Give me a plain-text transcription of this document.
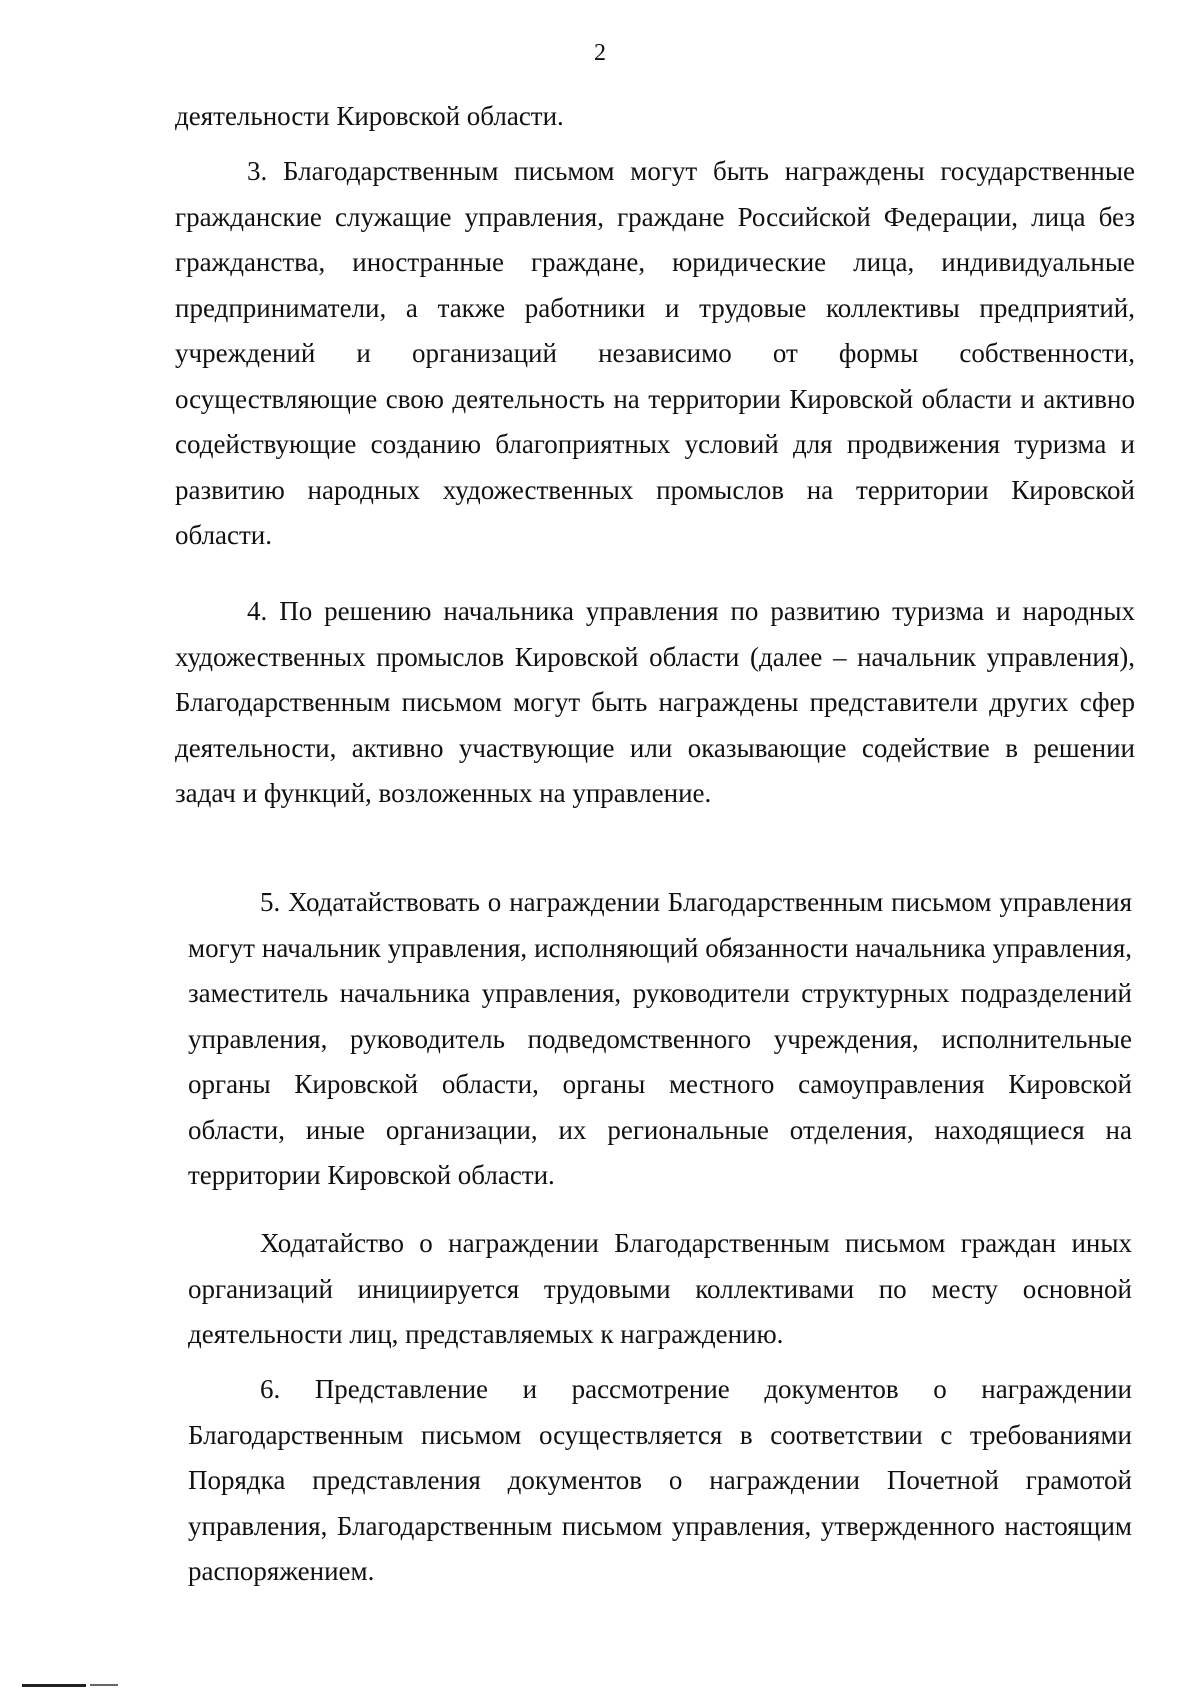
2

деятельности Кировской области.

3. Благодарственным письмом могут быть награждены государственные гражданские служащие управления, граждане Российской Федерации, лица без гражданства, иностранные граждане, юридические лица, индивидуальные предприниматели, а также работники и трудовые коллективы предприятий, учреждений и организаций независимо от формы собственности, осуществляющие свою деятельность на территории Кировской области и активно содействующие созданию благоприятных условий для продвижения туризма и развитию народных художественных промыслов на территории Кировской области.

4. По решению начальника управления по развитию туризма и народных художественных промыслов Кировской области (далее – начальник управления), Благодарственным письмом могут быть награждены представители других сфер деятельности, активно участвующие или оказывающие содействие в решении задач и функций, возложенных на управление.

5. Ходатайствовать о награждении Благодарственным письмом управления могут начальник управления, исполняющий обязанности начальника управления, заместитель начальника управления, руководители структурных подразделений управления, руководитель подведомственного учреждения, исполнительные органы Кировской области, органы местного самоуправления Кировской области, иные организации, их региональные отделения, находящиеся на территории Кировской области.

Ходатайство о награждении Благодарственным письмом граждан иных организаций инициируется трудовыми коллективами по месту основной деятельности лиц, представляемых к награждению.

6. Представление и рассмотрение документов о награждении Благодарственным письмом осуществляется в соответствии с требованиями Порядка представления документов о награждении Почетной грамотой управления, Благодарственным письмом управления, утвержденного настоящим распоряжением.
